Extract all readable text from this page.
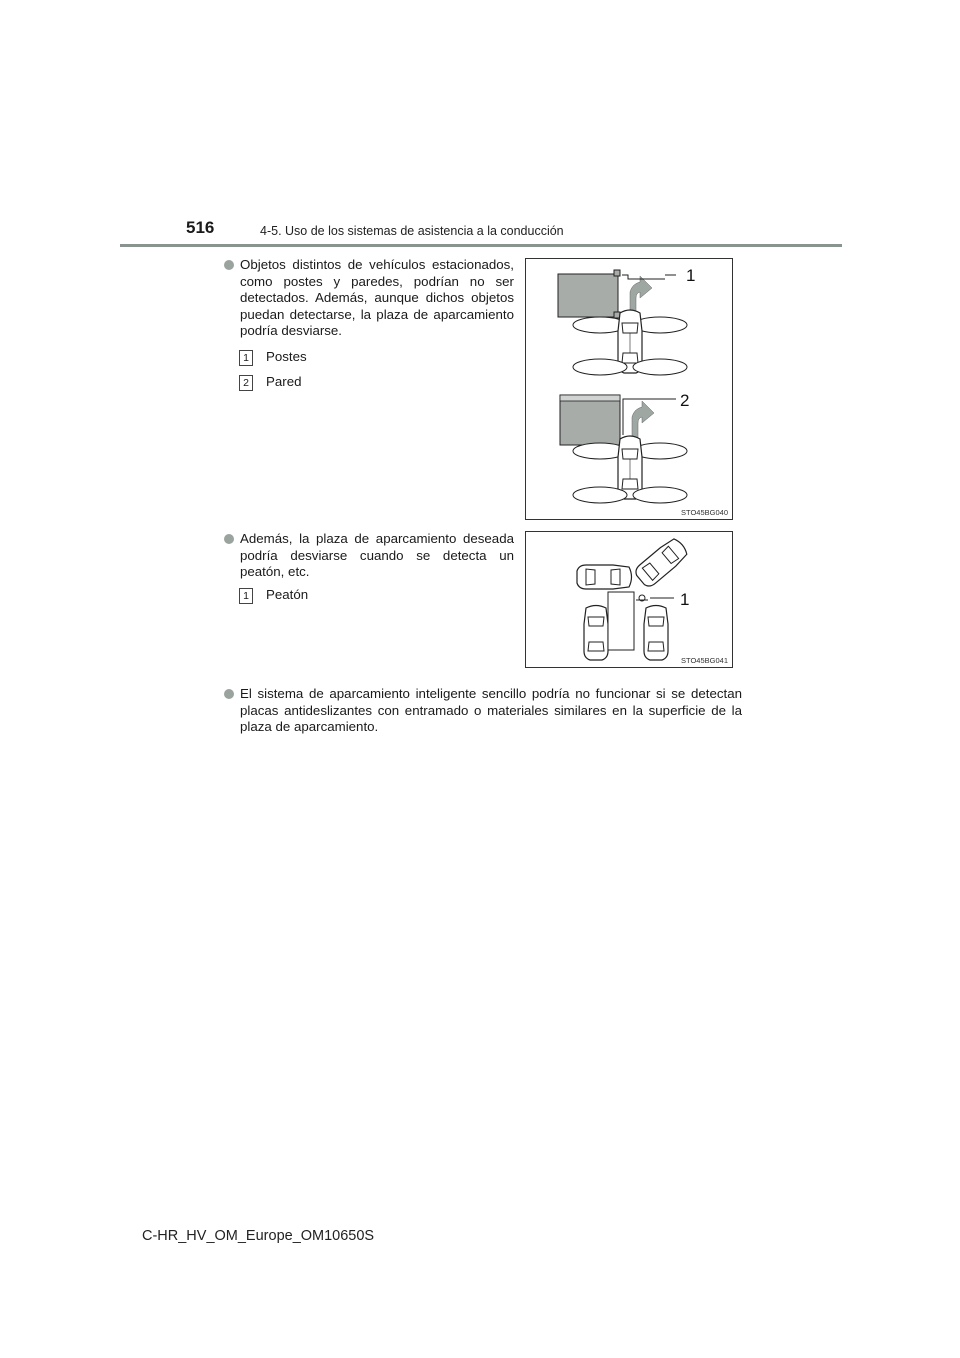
516	4-5. Uso de los sistemas de asistencia a la conducción
Objetos distintos de vehículos estacionados, como postes y paredes, podrían no ser detectados. Además, aunque dichos objetos puedan detectarse, la plaza de aparcamiento podría desviarse.
1	Postes
2	Pared
1
2
STO45BG040
Además, la plaza de aparcamiento deseada podría desviarse cuando se detecta un peatón, etc.
1	Peatón	1
STO45BG041
El sistema de aparcamiento inteligente sencillo podría no funcionar si se detectan placas antideslizantes con entramado o materiales similares en la superficie de la plaza de aparcamiento.
C-HR_HV_OM_Europe_OM10650S
